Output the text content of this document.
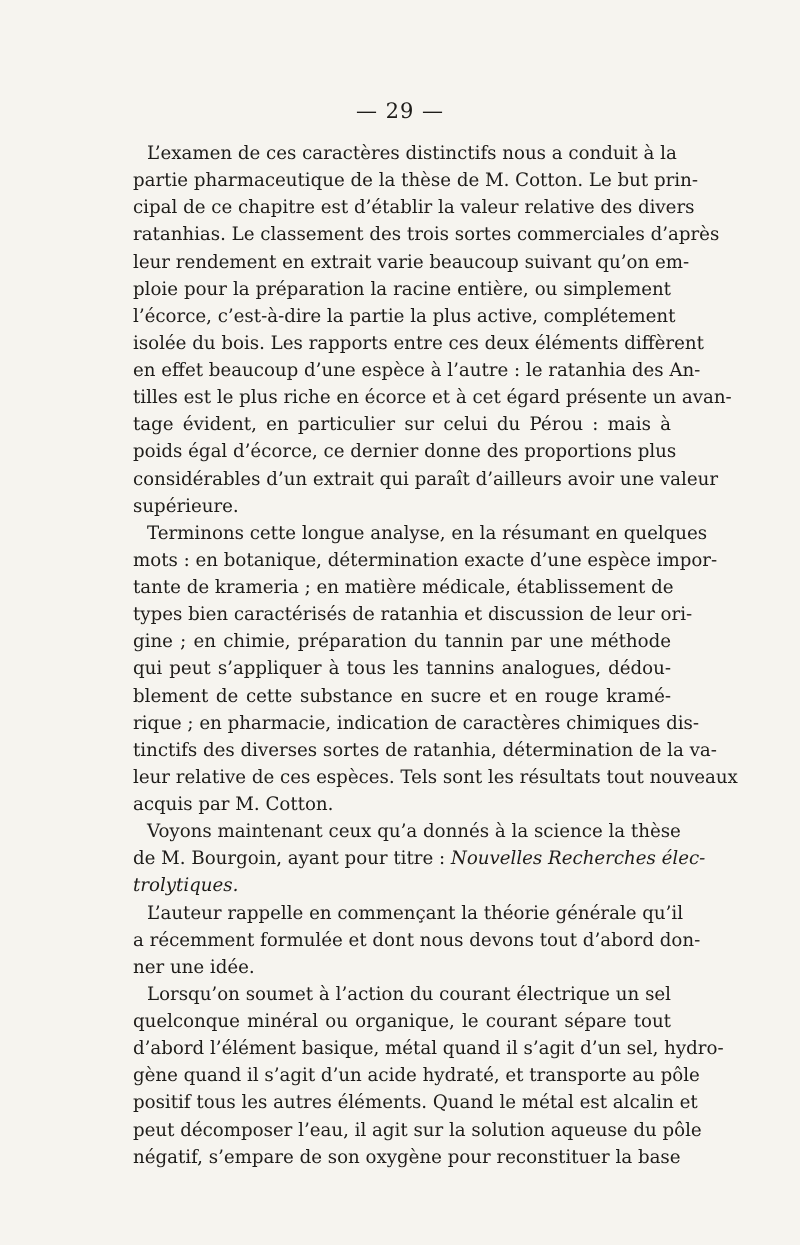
— 29 —
L’examen de ces caractères distinctifs nous a conduit à la
partie pharmaceutique de la thèse de M. Cotton. Le but prin-
cipal de ce chapitre est d’établir la valeur relative des divers
ratanhias. Le classement des trois sortes commerciales d’après
leur rendement en extrait varie beaucoup suivant qu’on em-
ploie pour la préparation la racine entière, ou simplement
l’écorce, c’est-à-dire la partie la plus active, complétement
isolée du bois. Les rapports entre ces deux éléments diffèrent
en effet beaucoup d’une espèce à l’autre : le ratanhia des An-
tilles est le plus riche en écorce et à cet égard présente un avan-
tage évident, en particulier sur celui du Pérou : mais à
poids égal d’écorce, ce dernier donne des proportions plus
considérables d’un extrait qui paraît d’ailleurs avoir une valeur
supérieure.
Terminons cette longue analyse, en la résumant en quelques
mots : en botanique, détermination exacte d’une espèce impor-
tante de krameria ; en matière médicale, établissement de
types bien caractérisés de ratanhia et discussion de leur ori-
gine ; en chimie, préparation du tannin par une méthode
qui peut s’appliquer à tous les tannins analogues, dédou-
blement de cette substance en sucre et en rouge kramé-
rique ; en pharmacie, indication de caractères chimiques dis-
tinctifs des diverses sortes de ratanhia, détermination de la va-
leur relative de ces espèces. Tels sont les résultats tout nouveaux
acquis par M. Cotton.
Voyons maintenant ceux qu’a donnés à la science la thèse
de M. Bourgoin, ayant pour titre : Nouvelles Recherches élec-
trolytiques.
L’auteur rappelle en commençant la théorie générale qu’il
a récemment formulée et dont nous devons tout d’abord don-
ner une idée.
Lorsqu’on soumet à l’action du courant électrique un sel
quelconque minéral ou organique, le courant sépare tout
d’abord l’élément basique, métal quand il s’agit d’un sel, hydro-
gène quand il s’agit d’un acide hydraté, et transporte au pôle
positif tous les autres éléments. Quand le métal est alcalin et
peut décomposer l’eau, il agit sur la solution aqueuse du pôle
négatif, s’empare de son oxygène pour reconstituer la base
